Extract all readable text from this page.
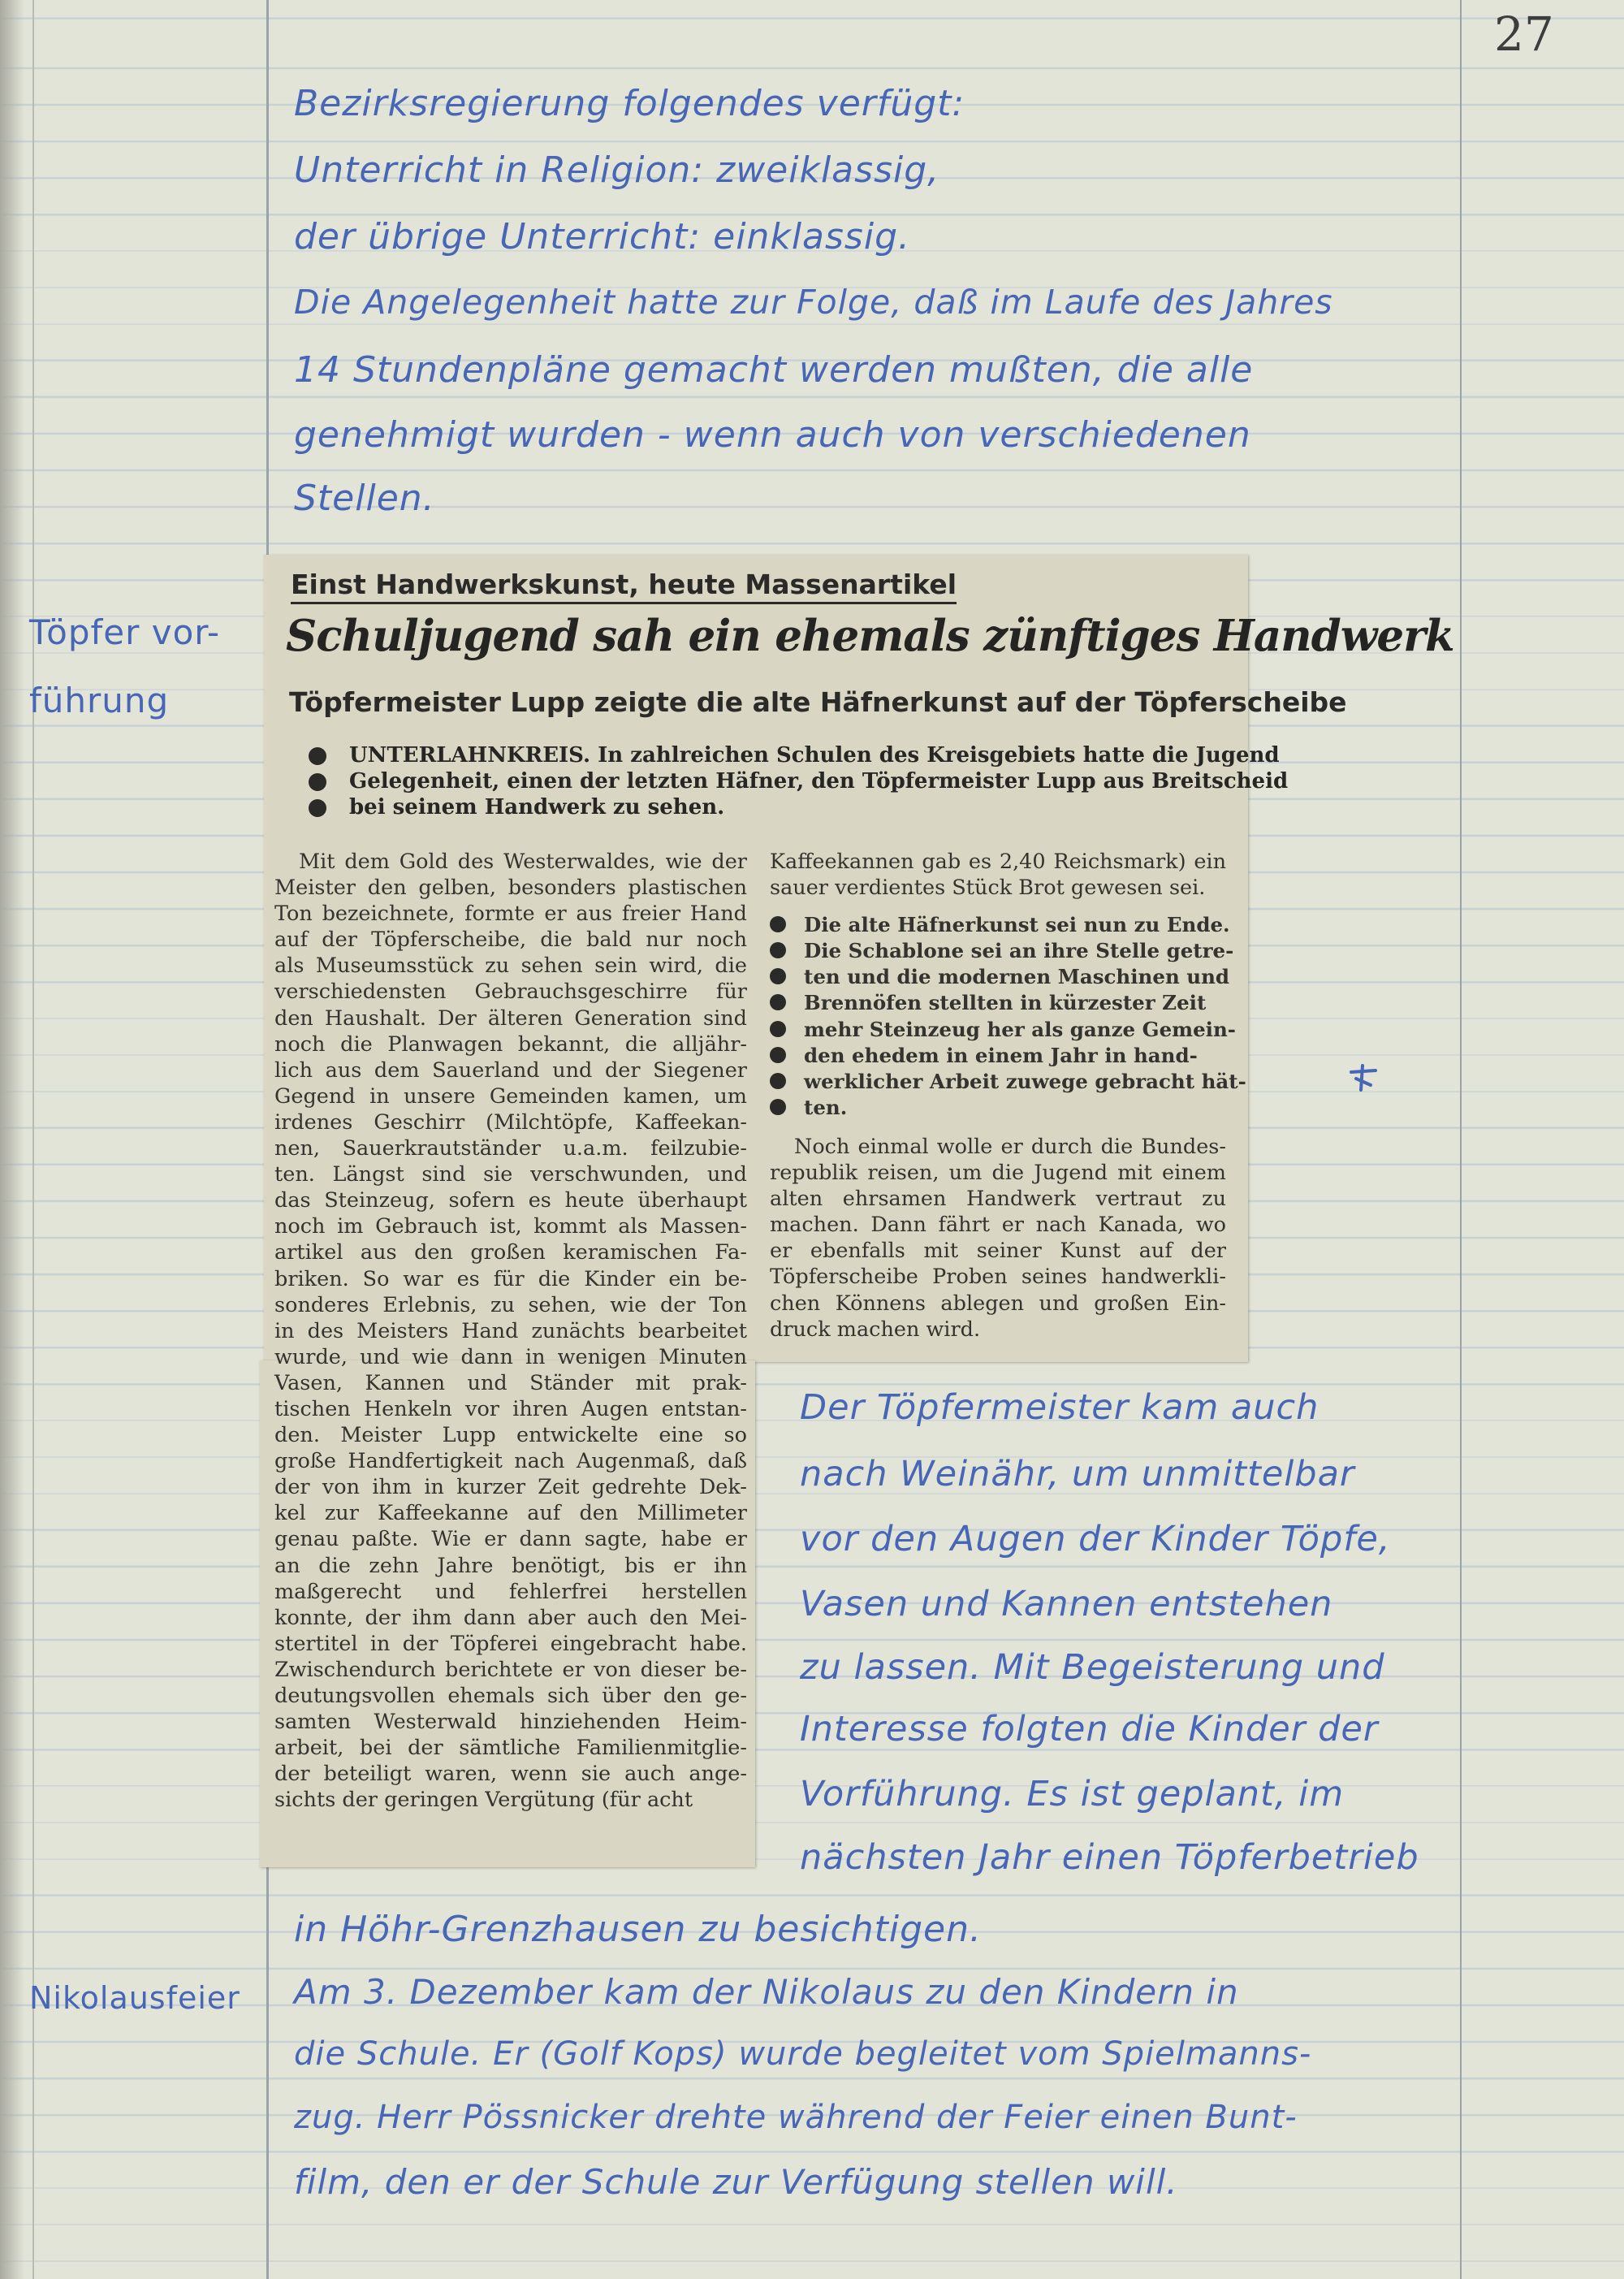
27
Bezirksregierung folgendes verfügt:
Unterricht in Religion: zweiklassig,
der übrige Unterricht: einklassig.
Die Angelegenheit hatte zur Folge, daß im Laufe des Jahres
14 Stundenpläne gemacht werden mußten, die alle
genehmigt wurden - wenn auch von verschiedenen
Stellen.
Töpfer vor-
führung
Nikolausfeier
Einst Handwerkskunst, heute Massenartikel
Schuljugend sah ein ehemals zünftiges Handwerk
Töpfermeister Lupp zeigte die alte Häfnerkunst auf der Töpferscheibe
UNTERLAHNKREIS. In zahlreichen Schulen des Kreisgebiets hatte die Jugend
Gelegenheit, einen der letzten Häfner, den Töpfermeister Lupp aus Breitscheid
bei seinem Handwerk zu sehen.
Mit dem Gold des Westerwaldes, wie der
Meister den gelben, besonders plastischen
Ton bezeichnete, formte er aus freier Hand
auf der Töpferscheibe, die bald nur noch
als Museumsstück zu sehen sein wird, die
verschiedensten Gebrauchsgeschirre für
den Haushalt. Der älteren Generation sind
noch die Planwagen bekannt, die alljähr-
lich aus dem Sauerland und der Siegener
Gegend in unsere Gemeinden kamen, um
irdenes Geschirr (Milchtöpfe, Kaffeekan-
nen, Sauerkrautständer u.a.m. feilzubie-
ten. Längst sind sie verschwunden, und
das Steinzeug, sofern es heute überhaupt
noch im Gebrauch ist, kommt als Massen-
artikel aus den großen keramischen Fa-
briken. So war es für die Kinder ein be-
sonderes Erlebnis, zu sehen, wie der Ton
in des Meisters Hand zunächts bearbeitet
wurde, und wie dann in wenigen Minuten
Vasen, Kannen und Ständer mit prak-
tischen Henkeln vor ihren Augen entstan-
den. Meister Lupp entwickelte eine so
große Handfertigkeit nach Augenmaß, daß
der von ihm in kurzer Zeit gedrehte Dek-
kel zur Kaffeekanne auf den Millimeter
genau paßte. Wie er dann sagte, habe er
an die zehn Jahre benötigt, bis er ihn
maßgerecht und fehlerfrei herstellen
konnte, der ihm dann aber auch den Mei-
stertitel in der Töpferei eingebracht habe.
Zwischendurch berichtete er von dieser be-
deutungsvollen ehemals sich über den ge-
samten Westerwald hinziehenden Heim-
arbeit, bei der sämtliche Familienmitglie-
der beteiligt waren, wenn sie auch ange-
sichts der geringen Vergütung (für acht
Kaffeekannen gab es 2,40 Reichsmark) ein
sauer verdientes Stück Brot gewesen sei.
Die alte Häfnerkunst sei nun zu Ende.
Die Schablone sei an ihre Stelle getre-
ten und die modernen Maschinen und
Brennöfen stellten in kürzester Zeit
mehr Steinzeug her als ganze Gemein-
den ehedem in einem Jahr in hand-
werklicher Arbeit zuwege gebracht hät-
ten.
Noch einmal wolle er durch die Bundes-
republik reisen, um die Jugend mit einem
alten ehrsamen Handwerk vertraut zu
machen. Dann fährt er nach Kanada, wo
er ebenfalls mit seiner Kunst auf der
Töpferscheibe Proben seines handwerkli-
chen Könnens ablegen und großen Ein-
druck machen wird.
Der Töpfermeister kam auch
nach Weinähr, um unmittelbar
vor den Augen der Kinder Töpfe,
Vasen und Kannen entstehen
zu lassen. Mit Begeisterung und
Interesse folgten die Kinder der
Vorführung. Es ist geplant, im
nächsten Jahr einen Töpferbetrieb
in Höhr-Grenzhausen zu besichtigen.
Am 3. Dezember kam der Nikolaus zu den Kindern in
die Schule. Er (Golf Kops) wurde begleitet vom Spielmanns-
zug. Herr Pössnicker drehte während der Feier einen Bunt-
film, den er der Schule zur Verfügung stellen will.
